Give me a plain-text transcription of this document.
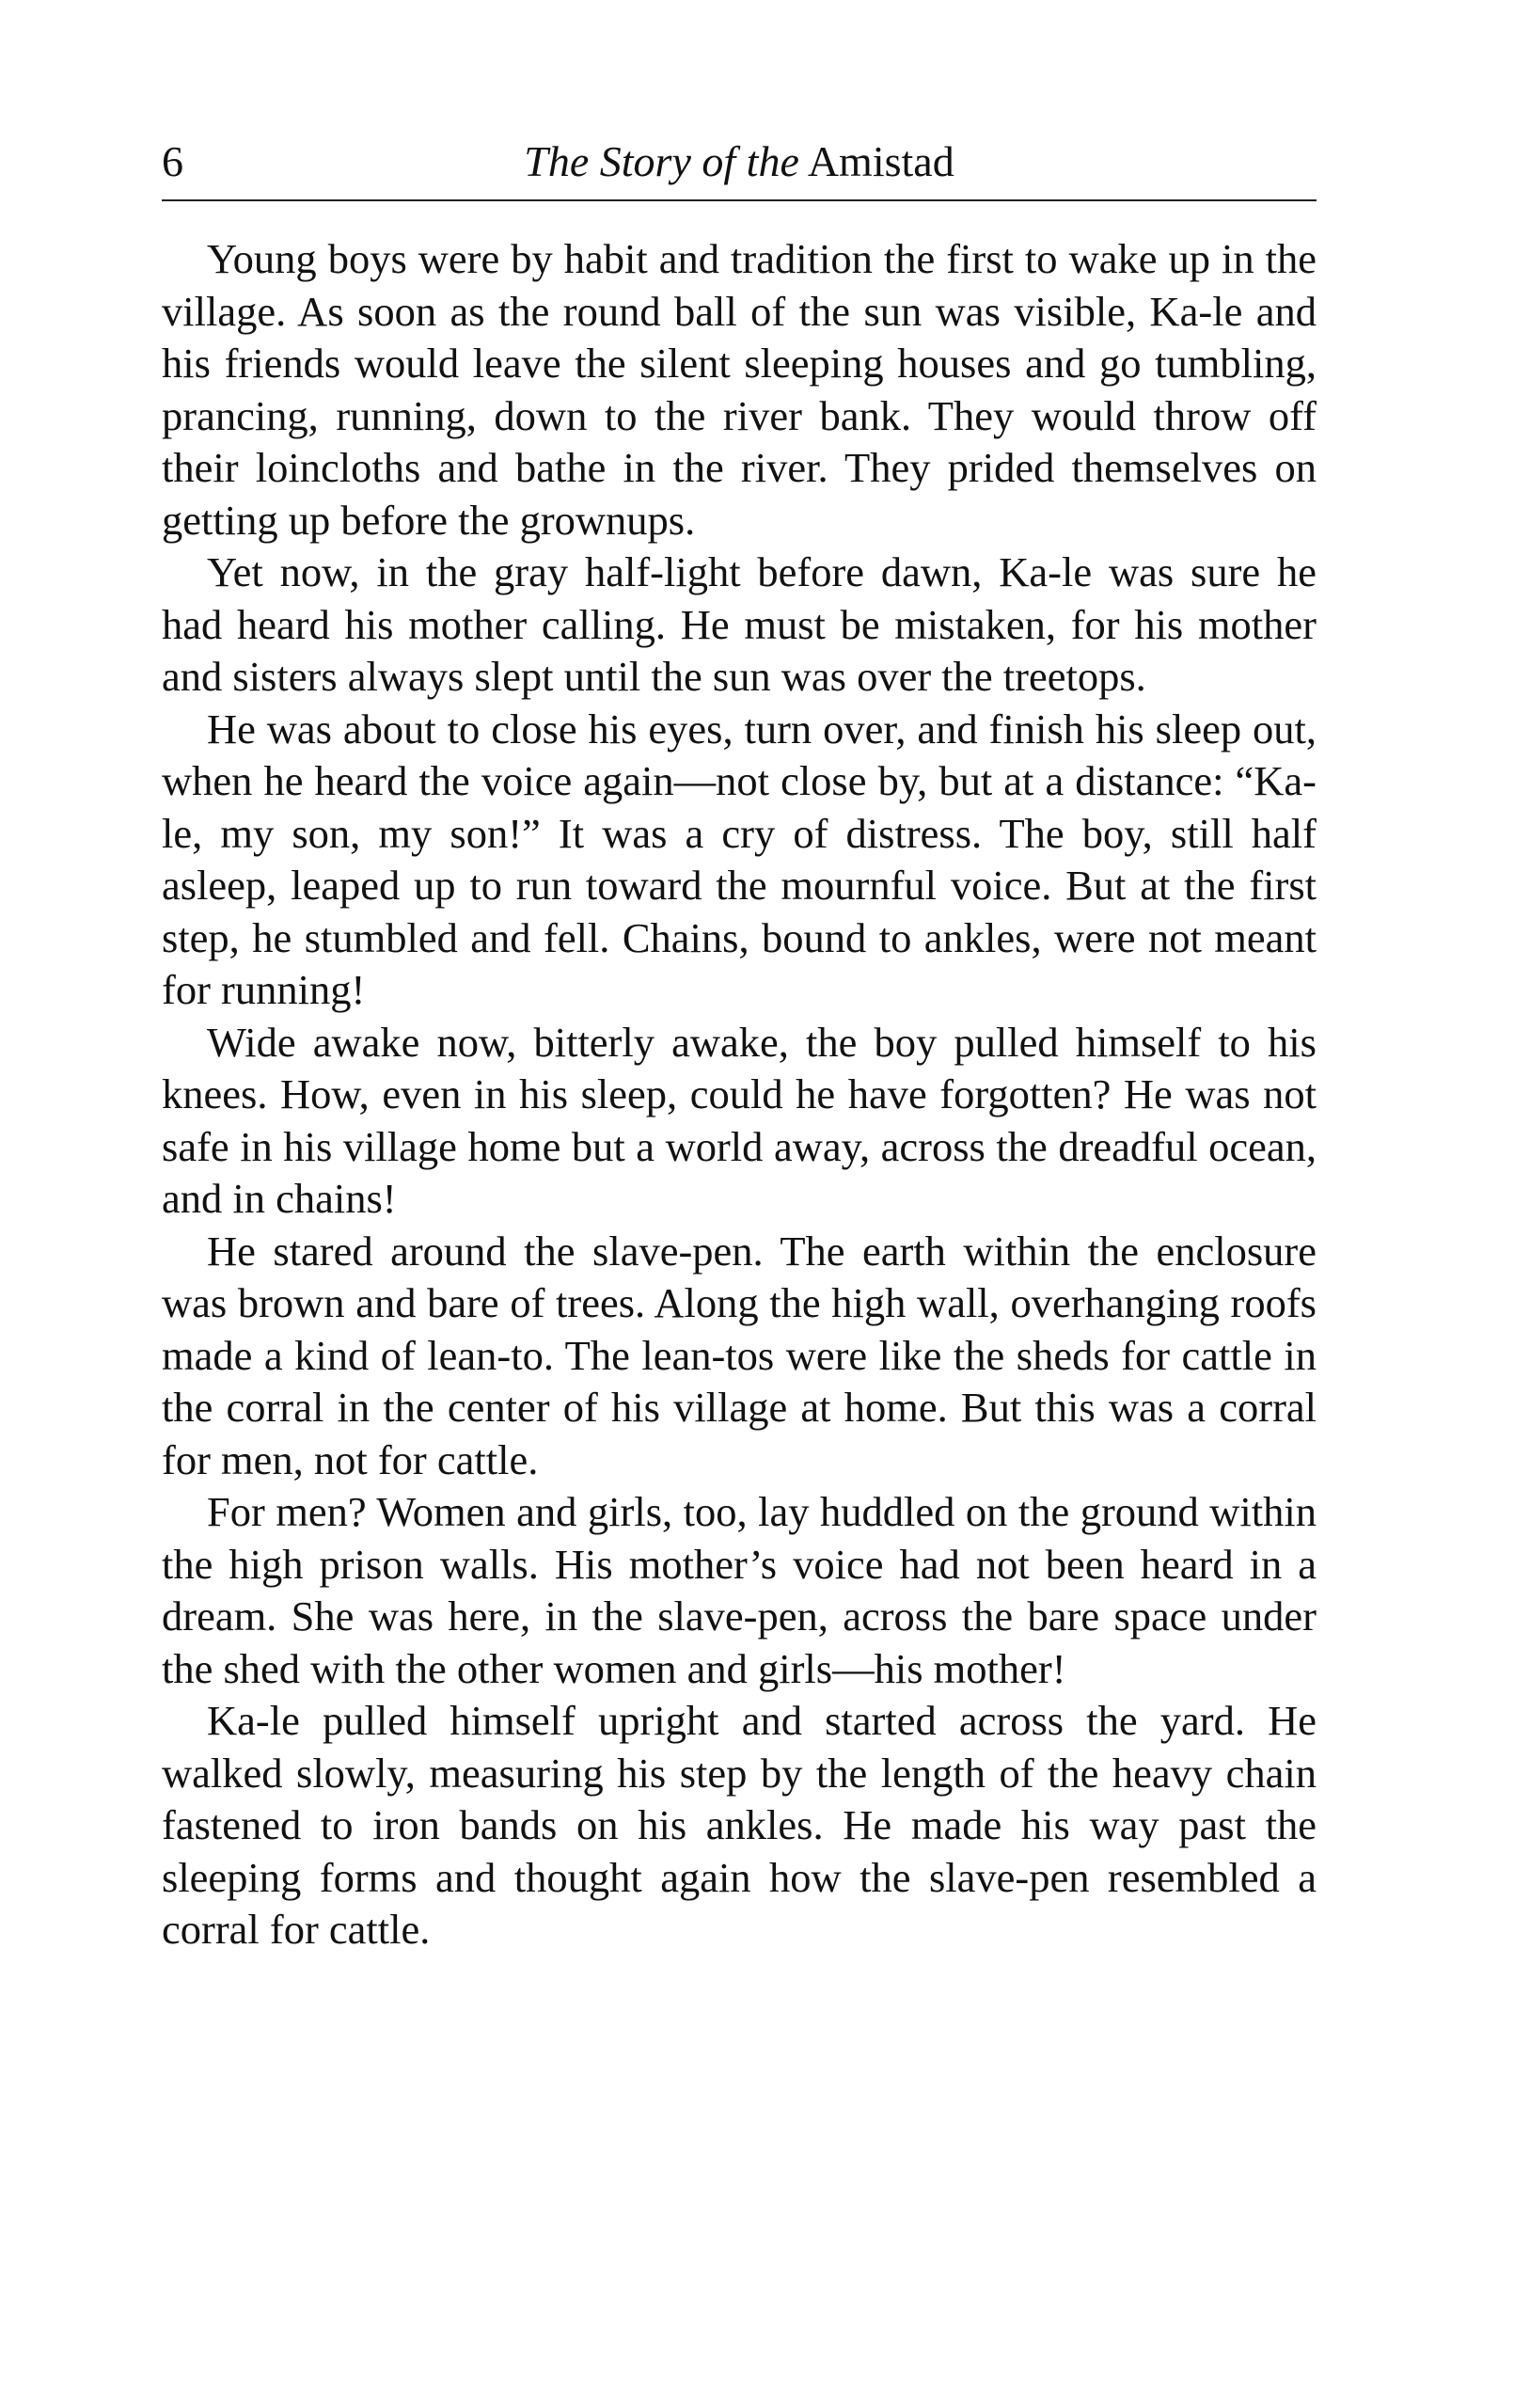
6	The Story of the Amistad

Young boys were by habit and tradition the first to wake up in the village. As soon as the round ball of the sun was visible, Ka-le and his friends would leave the silent sleeping houses and go tumbling, prancing, running, down to the river bank. They would throw off their loincloths and bathe in the river. They prided themselves on getting up before the grownups.

Yet now, in the gray half-light before dawn, Ka-le was sure he had heard his mother calling. He must be mistaken, for his mother and sisters always slept until the sun was over the treetops.

He was about to close his eyes, turn over, and finish his sleep out, when he heard the voice again—not close by, but at a distance: “Ka-le, my son, my son!” It was a cry of distress. The boy, still half asleep, leaped up to run toward the mournful voice. But at the first step, he stumbled and fell. Chains, bound to ankles, were not meant for running!

Wide awake now, bitterly awake, the boy pulled himself to his knees. How, even in his sleep, could he have forgotten? He was not safe in his village home but a world away, across the dreadful ocean, and in chains!

He stared around the slave-pen. The earth within the enclosure was brown and bare of trees. Along the high wall, overhanging roofs made a kind of lean-to. The lean-tos were like the sheds for cattle in the corral in the center of his village at home. But this was a corral for men, not for cattle.

For men? Women and girls, too, lay huddled on the ground within the high prison walls. His mother’s voice had not been heard in a dream. She was here, in the slave-pen, across the bare space under the shed with the other women and girls—his mother!

Ka-le pulled himself upright and started across the yard. He walked slowly, measuring his step by the length of the heavy chain fastened to iron bands on his ankles. He made his way past the sleeping forms and thought again how the slave-pen resembled a corral for cattle.
